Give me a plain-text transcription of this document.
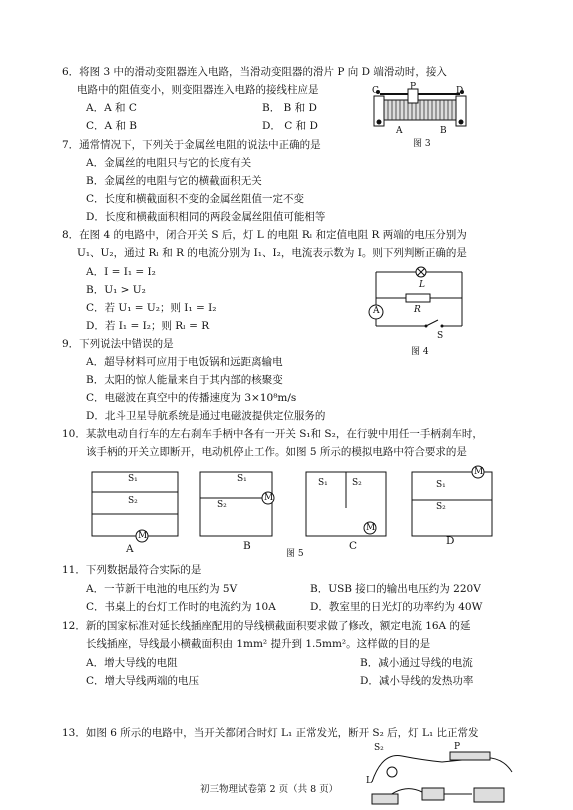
6．将图 3 中的滑动变阻器连入电路，当滑动变阻器的滑片 P 向 D 端滑动时，接入
电路中的阻值变小，则变阻器连入电路的接线柱应是
A．A 和 C	B． B 和 D
C．A 和 B	D． C 和 D
C	P	D
A	B
图 3
7．通常情况下，下列关于金属丝电阻的说法中正确的是
A．金属丝的电阻只与它的长度有关
B．金属丝的电阻与它的横截面积无关
C．长度和横截面积不变的金属丝阻值一定不变
D．长度和横截面积相同的两段金属丝阻值可能相等
8．在图 4 的电路中，闭合开关 S 后，灯 L 的电阻 Rₗ 和定值电阻 R 两端的电压分别为
U₁、U₂，通过 Rₗ 和 R 的电流分别为 I₁、I₂，电流表示数为 I。则下列判断正确的是
A．I = I₁ = I₂
B．U₁ > U₂
C．若 U₁ = U₂；则 I₁ = I₂
D．若 I₁ = I₂；则 Rₗ = R
L
R
A
S
图 4
9．下列说法中错误的是
A．超导材料可应用于电饭锅和远距离输电
B．太阳的惊人能量来自于其内部的核聚变
C．电磁波在真空中的传播速度为 3×10⁸m/s
D．北斗卫星导航系统是通过电磁波提供定位服务的
10．某款电动自行车的左右刹车手柄中各有一开关 S₁和 S₂，在行驶中用任一手柄刹车时，
该手柄的开关立即断开，电动机停止工作。如图 5 所示的模拟电路中符合要求的是
M
M
M
M
S₁
S₂
S₁
S₂
S₁	S₂	S₁
S₂
A	B	C	D
图 5
11．下列数据最符合实际的是
A．一节新干电池的电压约为 5V	B．USB 接口的输出电压约为 220V
C．书桌上的台灯工作时的电流约为 10A	D．教室里的日光灯的功率约为 40W
12．新的国家标准对延长线插座配用的导线横截面积要求做了修改，额定电流 16A 的延
长线插座，导线最小横截面积由 1mm² 提升到 1.5mm²。这样做的目的是
A．增大导线的电阻	B．减小通过导线的电流
C．增大导线两端的电压	D．减小导线的发热功率
13．如图 6 所示的电路中，当开关都闭合时灯 L₁ 正常发光，断开 S₂ 后，灯 L₁ 比正常发
S₂	P
L
初三物理试卷第 2 页（共 8 页）
